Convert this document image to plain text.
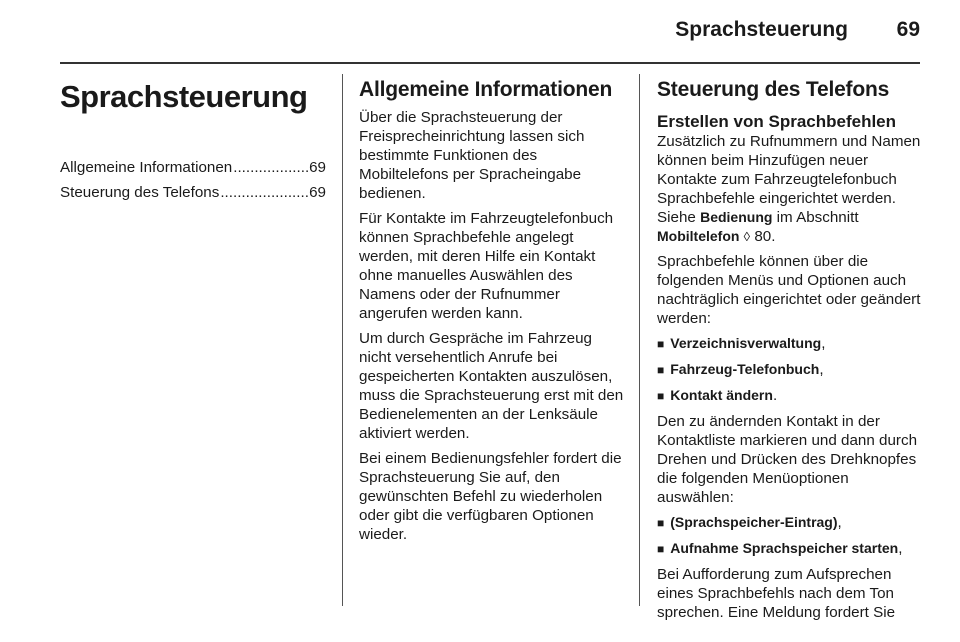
Sprachsteuerung 69
Sprachsteuerung
Allgemeine Informationen .....	69
Steuerung des Telefons .....	69
Allgemeine Informationen

Über die Sprachsteuerung der Freisprecheinrichtung lassen sich bestimmte Funktionen des Mobiltelefons per Spracheingabe bedienen.

Für Kontakte im Fahrzeugtelefonbuch können Sprachbefehle angelegt werden, mit deren Hilfe ein Kontakt ohne manuelles Auswählen des Namens oder der Rufnummer angerufen werden kann.

Um durch Gespräche im Fahrzeug nicht versehentlich Anrufe bei gespeicherten Kontakten auszulösen, muss die Sprachsteuerung erst mit den Bedienelementen an der Lenksäule aktiviert werden.

Bei einem Bedienungsfehler fordert die Sprachsteuerung Sie auf, den gewünschten Befehl zu wiederholen oder gibt die verfügbaren Optionen wieder.

Steuerung des Telefons
Erstellen von Sprachbefehlen

Zusätzlich zu Rufnummern und Namen können beim Hinzufügen neuer Kontakte zum Fahrzeugtelefonbuch Sprachbefehle eingerichtet werden. Siehe Bedienung im Abschnitt
Mobiltelefon ◊ 80.

Sprachbefehle können über die folgenden Menüs und Optionen auch nachträglich eingerichtet oder geändert werden:

■ Verzeichnisverwaltung,
■ Fahrzeug-Telefonbuch,
■ Kontakt ändern.

Den zu ändernden Kontakt in der Kontaktliste markieren und dann durch Drehen und Drücken des Drehknopfes die folgenden Menüoptionen auswählen:

■ (Sprachspeicher-Eintrag),
■ Aufnahme Sprachspeicher starten,

Bei Aufforderung zum Aufsprechen eines Sprachbefehls nach dem Ton sprechen. Eine Meldung fordert Sie
